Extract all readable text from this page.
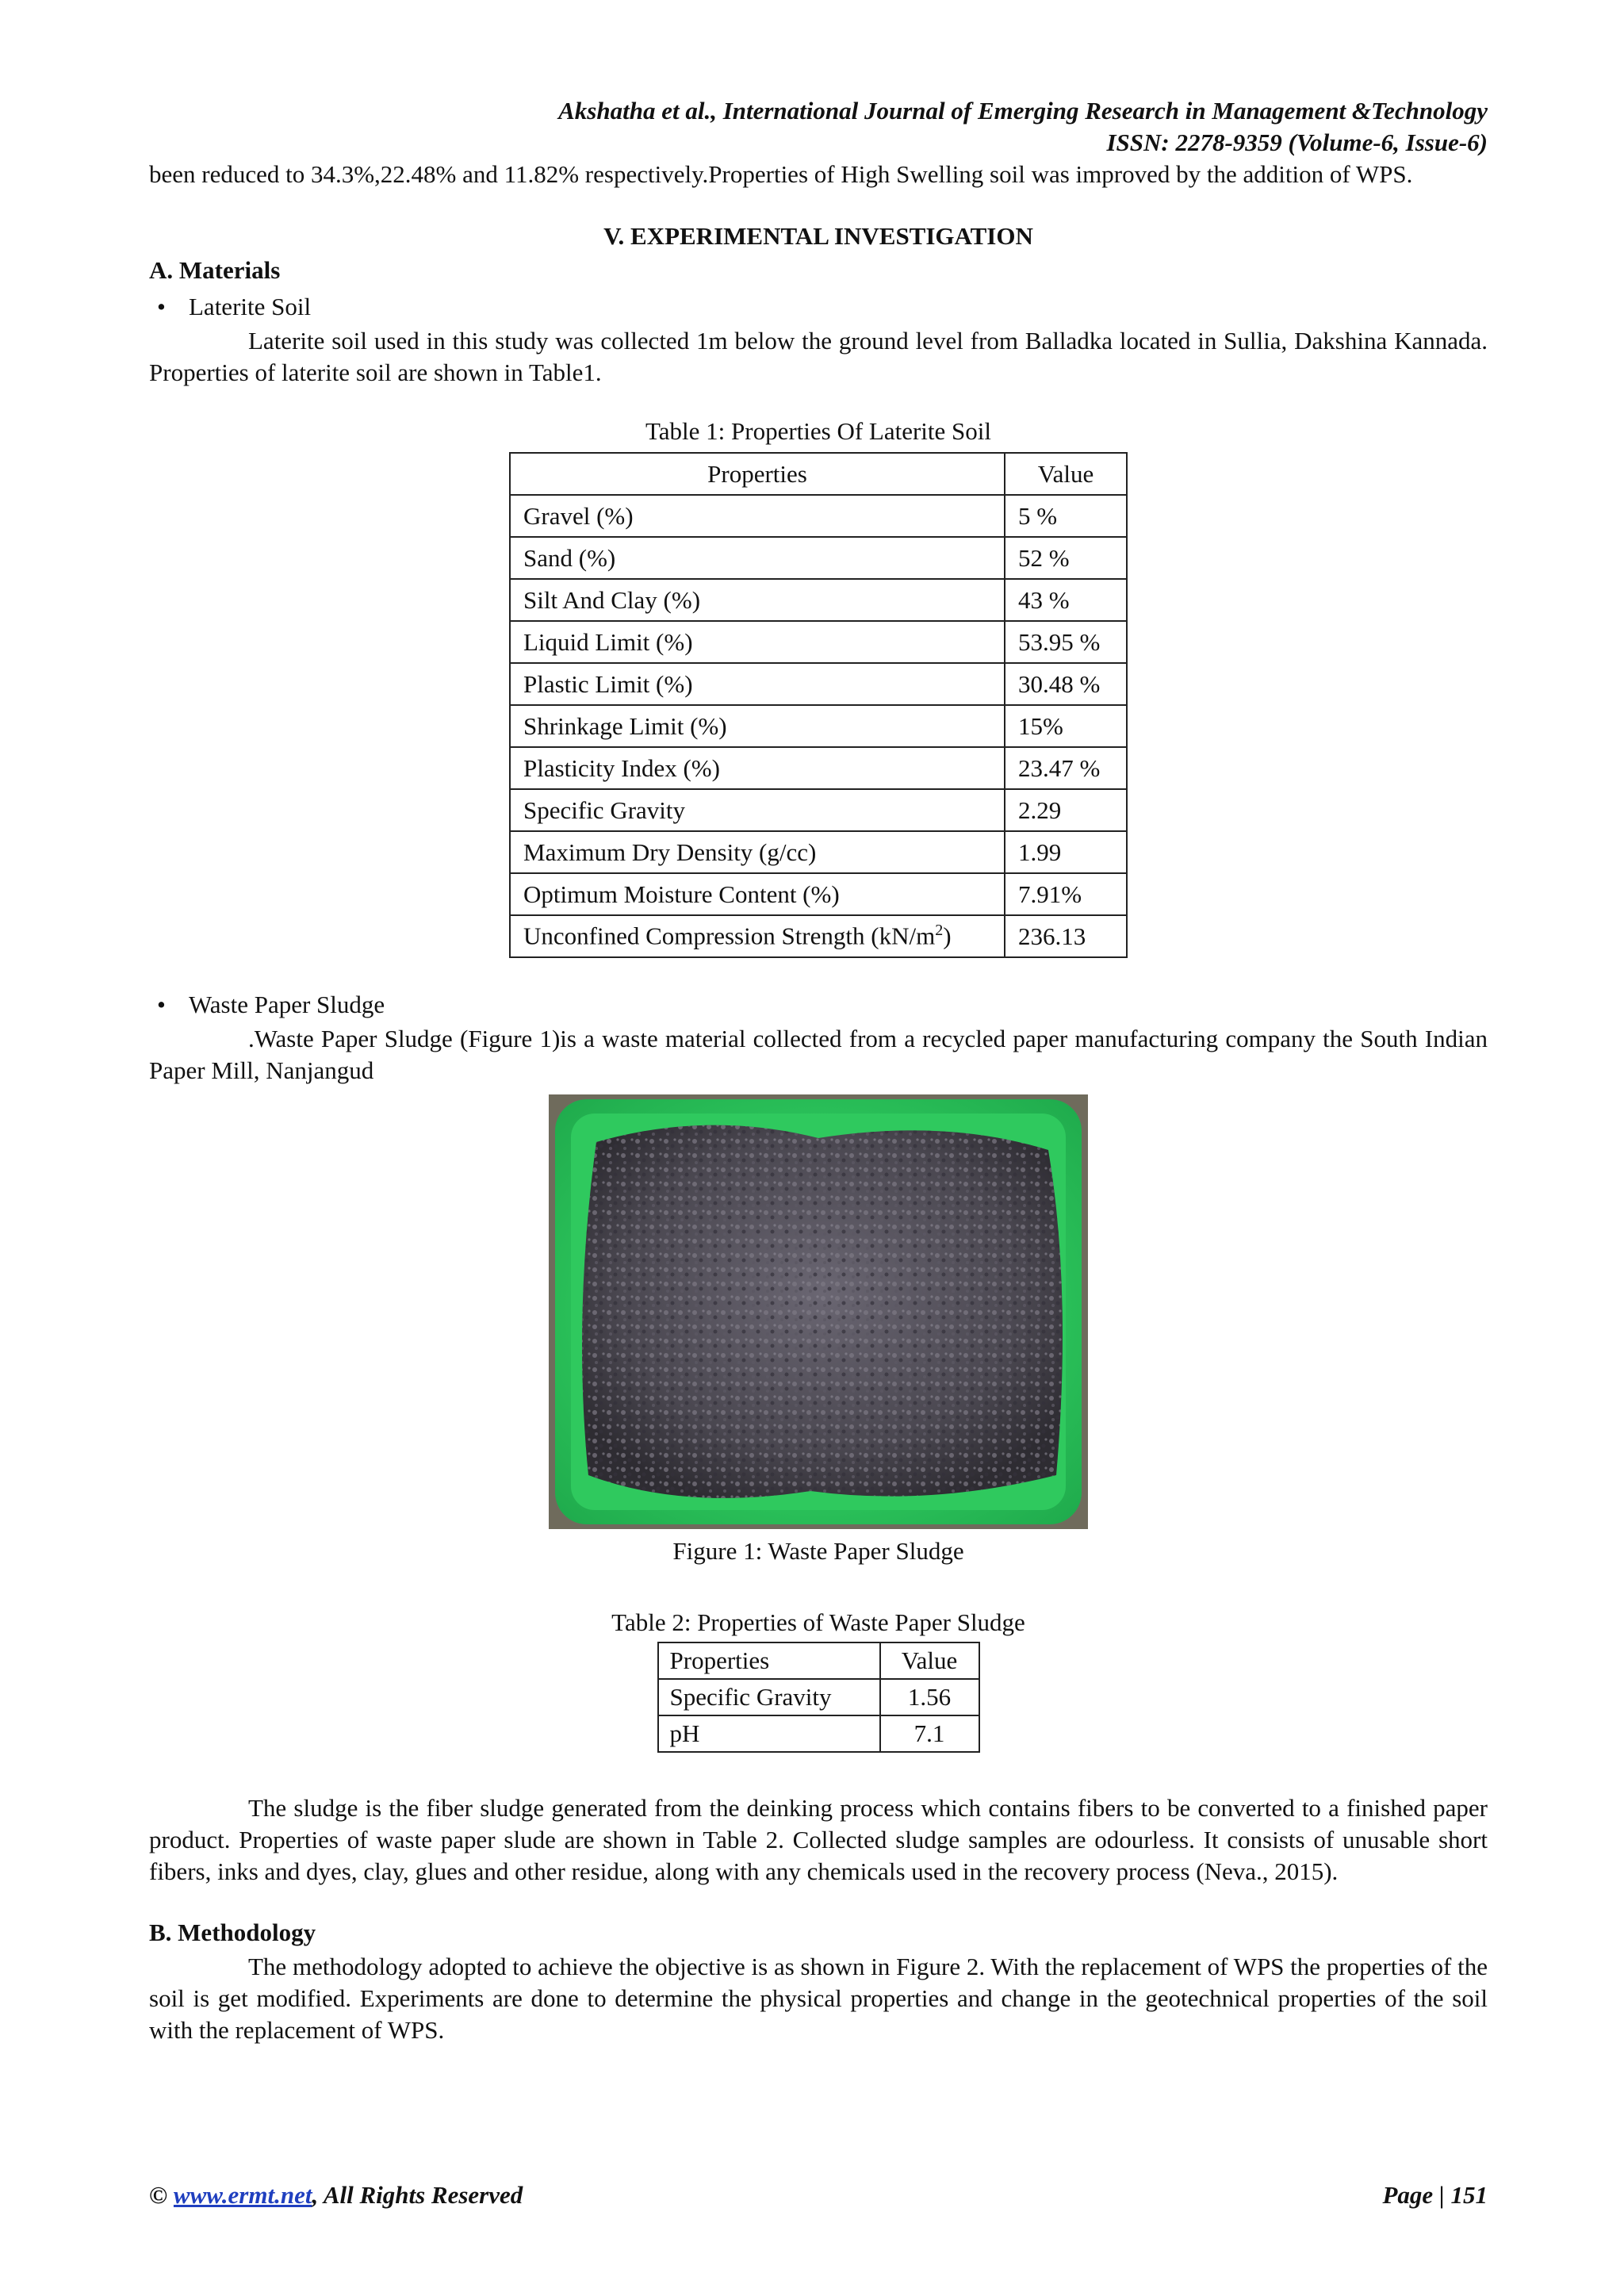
Akshatha et al., International Journal of Emerging Research in Management &Technology
ISSN: 2278-9359 (Volume-6, Issue-6)

been reduced to 34.3%,22.48% and 11.82% respectively.Properties of High Swelling soil was improved by the addition of WPS.

V. EXPERIMENTAL INVESTIGATION
A. Materials
• Laterite Soil

Laterite soil used in this study was collected 1m below the ground level from Balladka located in Sullia, Dakshina Kannada. Properties of laterite soil are shown in Table1.

Table 1: Properties Of Laterite Soil
Properties	Value
Gravel (%)	5 %
Sand (%)	52 %
Silt And Clay (%)	43 %
Liquid Limit (%)	53.95 %
Plastic Limit (%)	30.48 %
Shrinkage Limit (%)	15%
Plasticity Index (%)	23.47 %
Specific Gravity	2.29
Maximum Dry Density (g/cc)	1.99
Optimum Moisture Content (%)	7.91%
Unconfined Compression Strength $(kN/m^2)$	236.13
• Waste Paper Sludge

.Waste Paper Sludge (Figure 1)is a waste material collected from a recycled paper manufacturing company the South Indian Paper Mill, Nanjangud

Figure 1: Waste Paper Sludge
Table 2: Properties of Waste Paper Sludge
Properties	Value
Specific Gravity	1.56
pH	7.1

The sludge is the fiber sludge generated from the deinking process which contains fibers to be converted to a finished paper product. Properties of waste paper slude are shown in Table 2. Collected sludge samples are odourless. It consists of unusable short fibers, inks and dyes, clay, glues and other residue, along with any chemicals used in the recovery process (Neva., 2015).

B. Methodology

The methodology adopted to achieve the objective is as shown in Figure 2. With the replacement of WPS the properties of the soil is get modified. Experiments are done to determine the physical properties and change in the geotechnical properties of the soil with the replacement of WPS.

© www.ermt.net, All Rights Reserved	Page | 151
